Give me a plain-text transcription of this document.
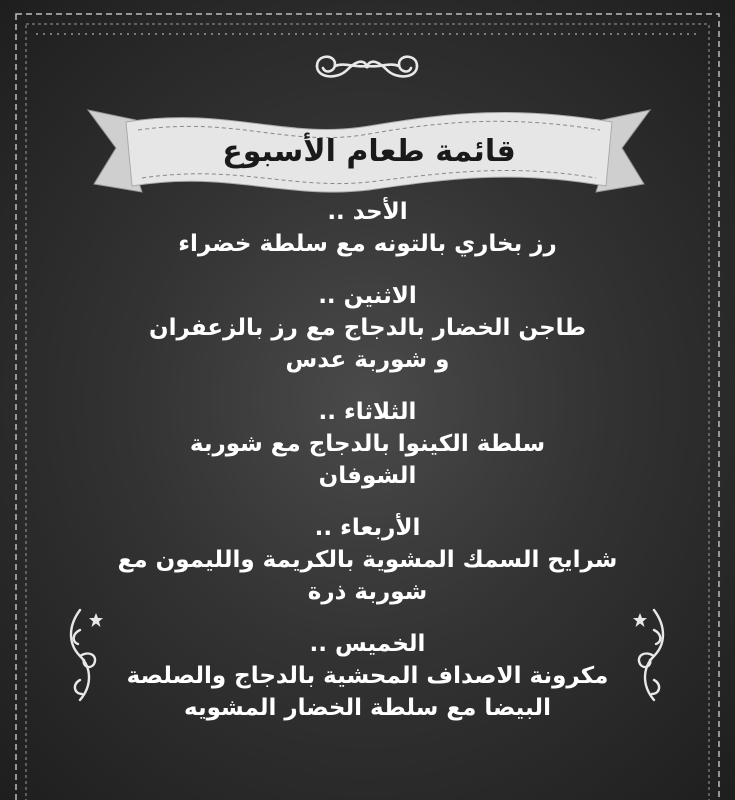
قائمة طعام الأسبوع
الأحد ..
رز بخاري بالتونه مع سلطة خضراء
الاثنين ..
طاجن الخضار بالدجاج مع رز بالزعفران
و شوربة عدس
الثلاثاء ..
سلطة الكينوا بالدجاج مع شوربة
الشوفان
الأربعاء ..
شرايح السمك المشوية بالكريمة والليمون مع
شوربة ذرة
الخميس ..
مكرونة الاصداف المحشية بالدجاج والصلصة
البيضا مع سلطة الخضار المشويه
